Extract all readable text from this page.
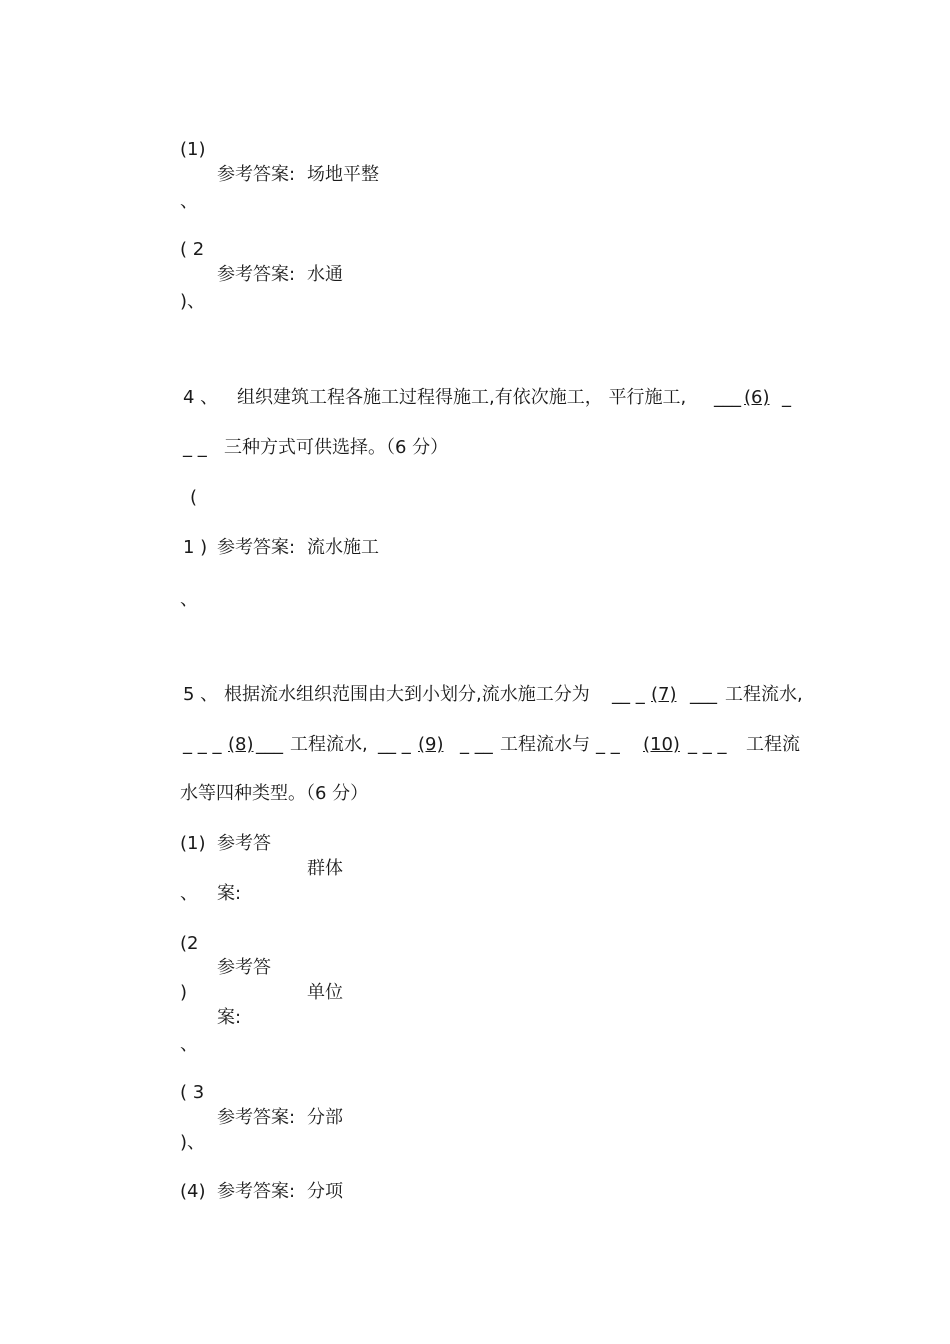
(1)
参考答案: 场地平整
、
( 2
参考答案: 水通
)、
4 、 组织建筑工程各施工过程得施工,有依次施工， 平行施工, ___ (6) _
_ _ 三种方式可供选择。（6 分）
(
1 ) 参考答案: 流水施工
、
5 、 根据流水组织范围由大到小划分,流水施工分为 __ _ (7) ___ 工程流水,
_ _ _ (8) ___ 工程流水, __ _ (9) _ __ 工程流水与 _ _ (10) _ _ _ 工程流
水等四种类型。（6 分）
(1) 参考答
群体
、 案:
(2
参考答
)	单位
案:
、
( 3
参考答案: 分部
)、
(4) 参考答案: 分项
